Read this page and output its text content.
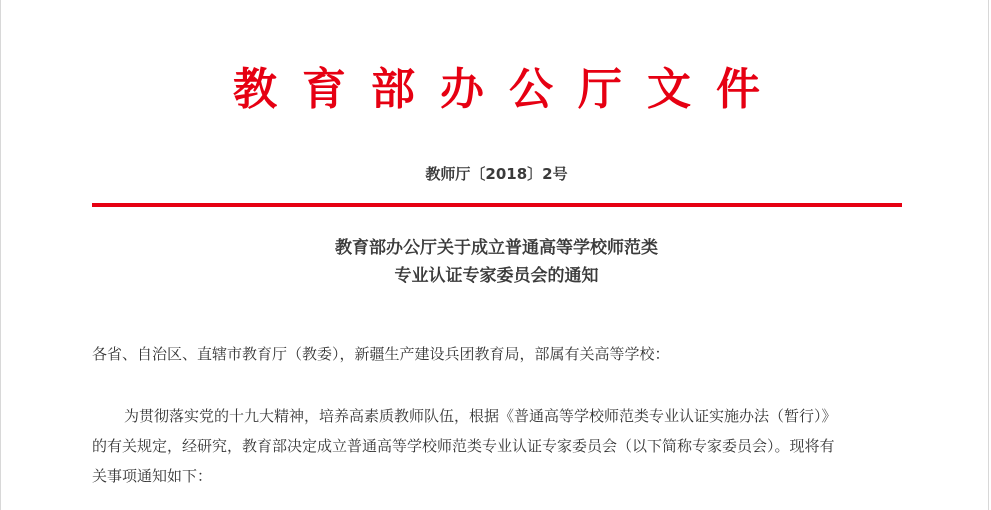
教育部办公厅文件
教师厅〔2018〕2号
教育部办公厅关于成立普通高等学校师范类
专业认证专家委员会的通知
各省、自治区、直辖市教育厅（教委），新疆生产建设兵团教育局，部属有关高等学校：
为贯彻落实党的十九大精神，培养高素质教师队伍，根据《普通高等学校师范类专业认证实施办法（暂行）》
的有关规定，经研究，教育部决定成立普通高等学校师范类专业认证专家委员会（以下简称专家委员会）。现将有
关事项通知如下：
